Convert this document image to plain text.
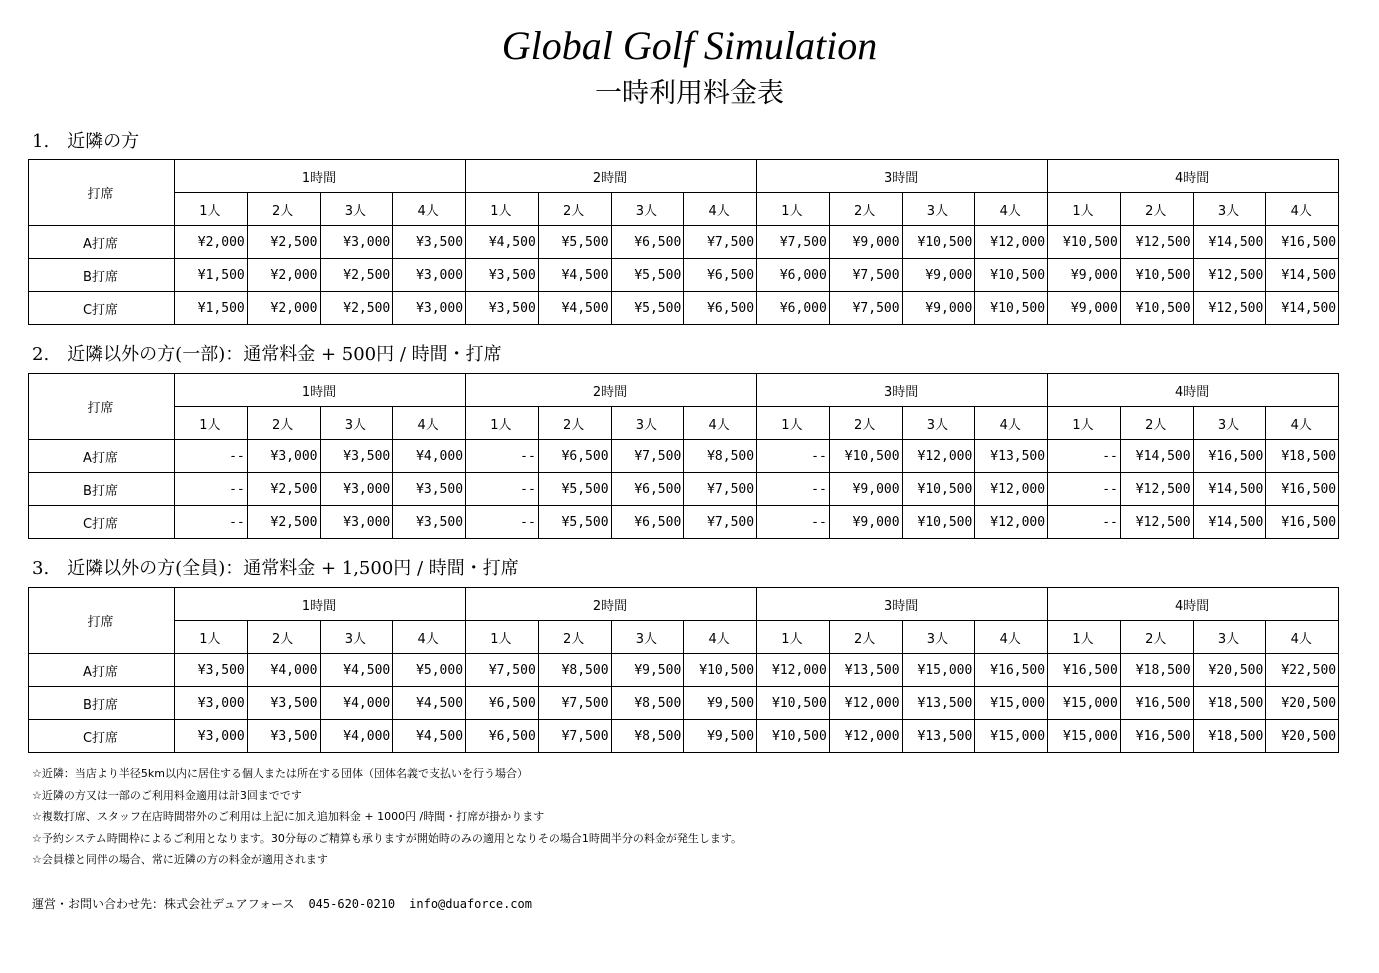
Global Golf Simulation
一時利用料金表
1.　近隣の方
打席	1時間				2時間				3時間				4時間			
	1人	2人	3人	4人	1人	2人	3人	4人	1人	2人	3人	4人	1人	2人	3人	4人
A打席	¥2,000	¥2,500	¥3,000	¥3,500	¥4,500	¥5,500	¥6,500	¥7,500	¥7,500	¥9,000	¥10,500	¥12,000	¥10,500	¥12,500	¥14,500	¥16,500
B打席	¥1,500	¥2,000	¥2,500	¥3,000	¥3,500	¥4,500	¥5,500	¥6,500	¥6,000	¥7,500	¥9,000	¥10,500	¥9,000	¥10,500	¥12,500	¥14,500
C打席	¥1,500	¥2,000	¥2,500	¥3,000	¥3,500	¥4,500	¥5,500	¥6,500	¥6,000	¥7,500	¥9,000	¥10,500	¥9,000	¥10,500	¥12,500	¥14,500
2.　近隣以外の方(一部)：通常料金 + 500円 / 時間・打席
打席	1時間				2時間				3時間				4時間			
	1人	2人	3人	4人	1人	2人	3人	4人	1人	2人	3人	4人	1人	2人	3人	4人
A打席	--	¥3,000	¥3,500	¥4,000	--	¥6,500	¥7,500	¥8,500	--	¥10,500	¥12,000	¥13,500	--	¥14,500	¥16,500	¥18,500
B打席	--	¥2,500	¥3,000	¥3,500	--	¥5,500	¥6,500	¥7,500	--	¥9,000	¥10,500	¥12,000	--	¥12,500	¥14,500	¥16,500
C打席	--	¥2,500	¥3,000	¥3,500	--	¥5,500	¥6,500	¥7,500	--	¥9,000	¥10,500	¥12,000	--	¥12,500	¥14,500	¥16,500
3.　近隣以外の方(全員)：通常料金 + 1,500円 / 時間・打席
打席	1時間				2時間				3時間				4時間			
	1人	2人	3人	4人	1人	2人	3人	4人	1人	2人	3人	4人	1人	2人	3人	4人
A打席	¥3,500	¥4,000	¥4,500	¥5,000	¥7,500	¥8,500	¥9,500	¥10,500	¥12,000	¥13,500	¥15,000	¥16,500	¥16,500	¥18,500	¥20,500	¥22,500
B打席	¥3,000	¥3,500	¥4,000	¥4,500	¥6,500	¥7,500	¥8,500	¥9,500	¥10,500	¥12,000	¥13,500	¥15,000	¥15,000	¥16,500	¥18,500	¥20,500
C打席	¥3,000	¥3,500	¥4,000	¥4,500	¥6,500	¥7,500	¥8,500	¥9,500	¥10,500	¥12,000	¥13,500	¥15,000	¥15,000	¥16,500	¥18,500	¥20,500
☆近隣：当店より半径5km以内に居住する個人または所在する団体（団体名義で支払いを行う場合）
☆近隣の方又は一部のご利用料金適用は計3回までです
☆複数打席、スタッフ在店時間帯外のご利用は上記に加え追加料金 + 1000円 /時間・打席が掛かります
☆予約システム時間枠によるご利用となります。30分毎のご精算も承りますが開始時のみの適用となりその場合1時間半分の料金が発生します。
☆会員様と同伴の場合、常に近隣の方の料金が適用されます
運営・お問い合わせ先：株式会社デュアフォース 045-620-0210 info@duaforce.com
